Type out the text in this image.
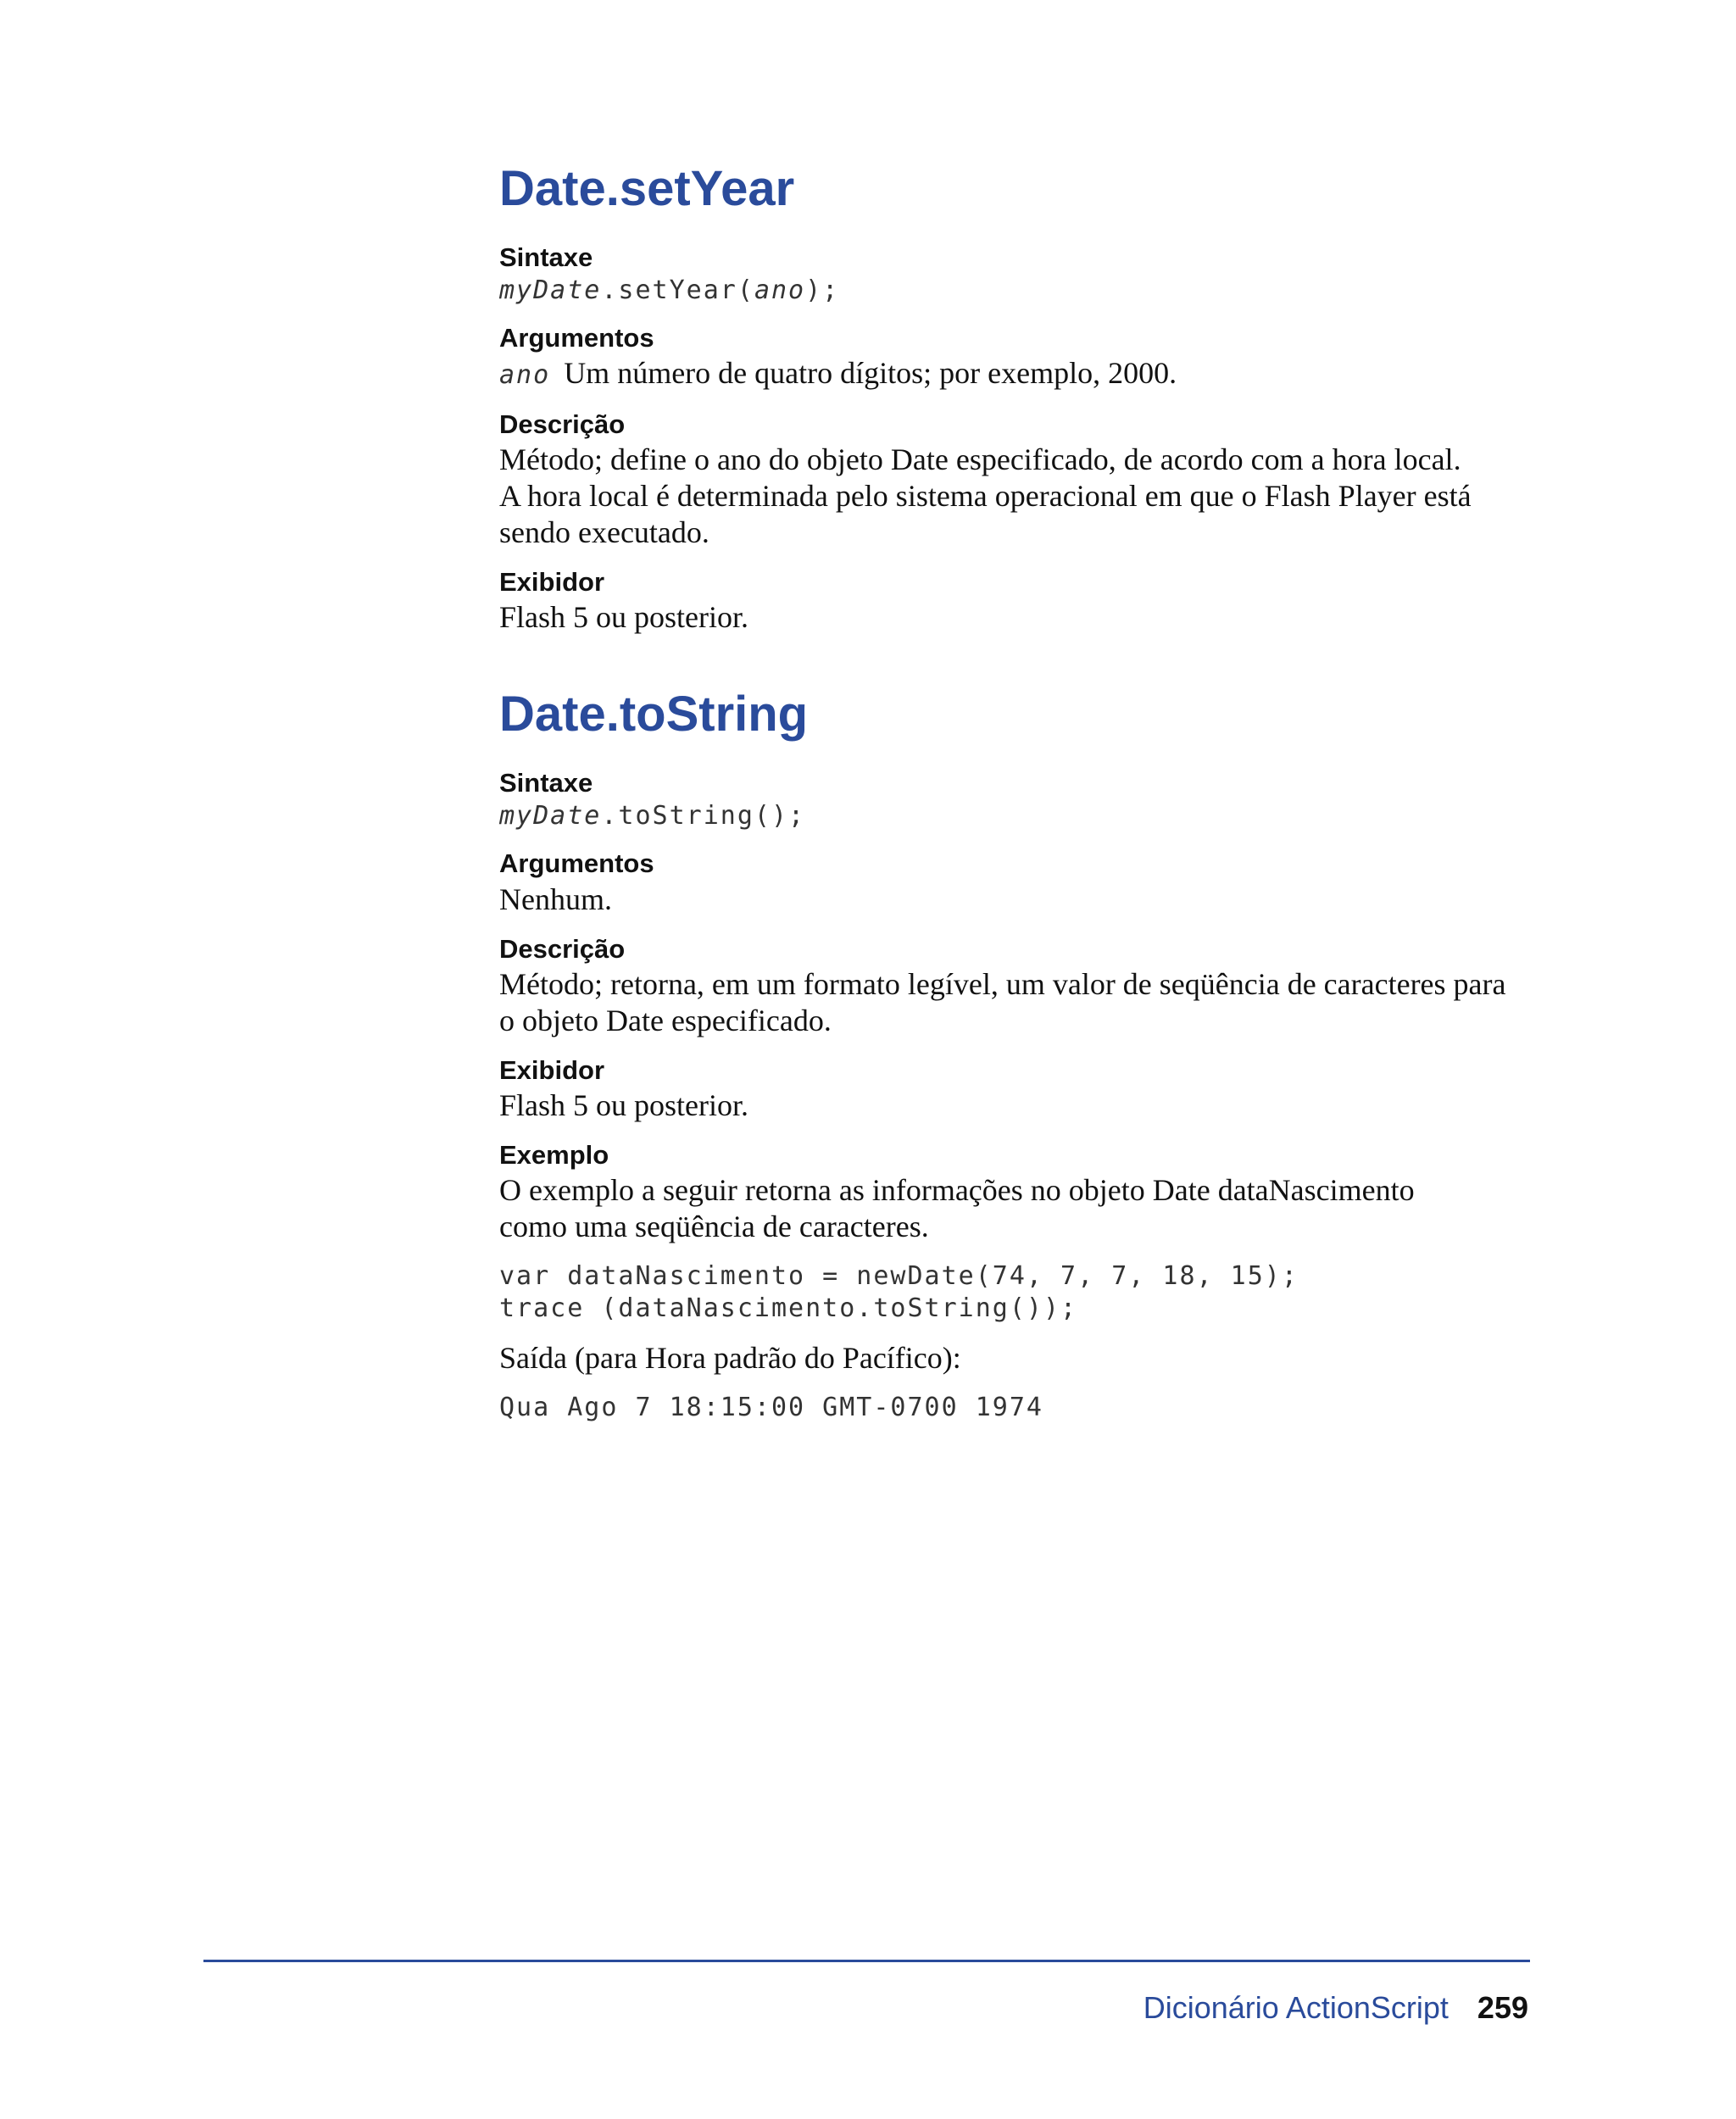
Date.setYear
Sintaxe
myDate.setYear(ano);
Argumentos
ano Um número de quatro dígitos; por exemplo, 2000.
Descrição
Método; define o ano do objeto Date especificado, de acordo com a hora local.
A hora local é determinada pelo sistema operacional em que o Flash Player está
sendo executado.
Exibidor
Flash 5 ou posterior.
Date.toString
Sintaxe
myDate.toString();
Argumentos
Nenhum.
Descrição
Método; retorna, em um formato legível, um valor de seqüência de caracteres para
o objeto Date especificado.
Exibidor
Flash 5 ou posterior.
Exemplo
O exemplo a seguir retorna as informações no objeto Date dataNascimento
como uma seqüência de caracteres.
var dataNascimento = newDate(74, 7, 7, 18, 15);
trace (dataNascimento.toString());
Saída (para Hora padrão do Pacífico):
Qua Ago 7 18:15:00 GMT-0700 1974
Dicionário ActionScript 259
